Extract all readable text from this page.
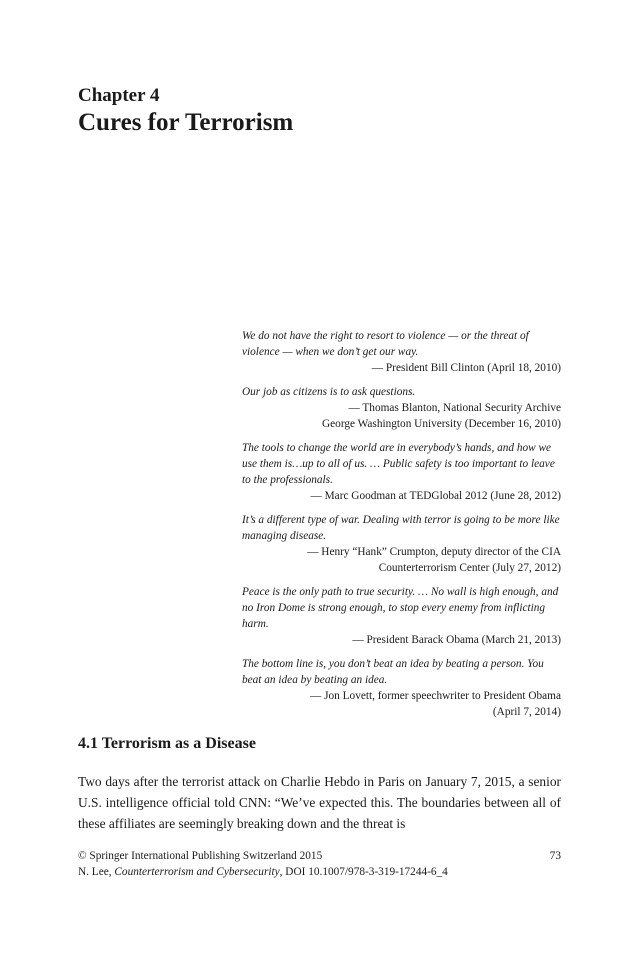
Chapter 4
Cures for Terrorism
We do not have the right to resort to violence — or the threat of violence — when we don’t get our way.
— President Bill Clinton (April 18, 2010)
Our job as citizens is to ask questions.
— Thomas Blanton, National Security Archive
George Washington University (December 16, 2010)
The tools to change the world are in everybody’s hands, and how we use them is…up to all of us. … Public safety is too important to leave to the professionals.
— Marc Goodman at TEDGlobal 2012 (June 28, 2012)
It’s a different type of war. Dealing with terror is going to be more like managing disease.
— Henry “Hank” Crumpton, deputy director of the CIA
Counterterrorism Center (July 27, 2012)
Peace is the only path to true security. … No wall is high enough, and no Iron Dome is strong enough, to stop every enemy from inflicting harm.
— President Barack Obama (March 21, 2013)
The bottom line is, you don’t beat an idea by beating a person. You beat an idea by beating an idea.
— Jon Lovett, former speechwriter to President Obama
(April 7, 2014)
4.1 Terrorism as a Disease

Two days after the terrorist attack on Charlie Hebdo in Paris on January 7, 2015, a senior U.S. intelligence official told CNN: “We’ve expected this. The boundaries between all of these affiliates are seemingly breaking down and the threat is

© Springer International Publishing Switzerland 2015	73
N. Lee, Counterterrorism and Cybersecurity, DOI 10.1007/978-3-319-17244-6_4
